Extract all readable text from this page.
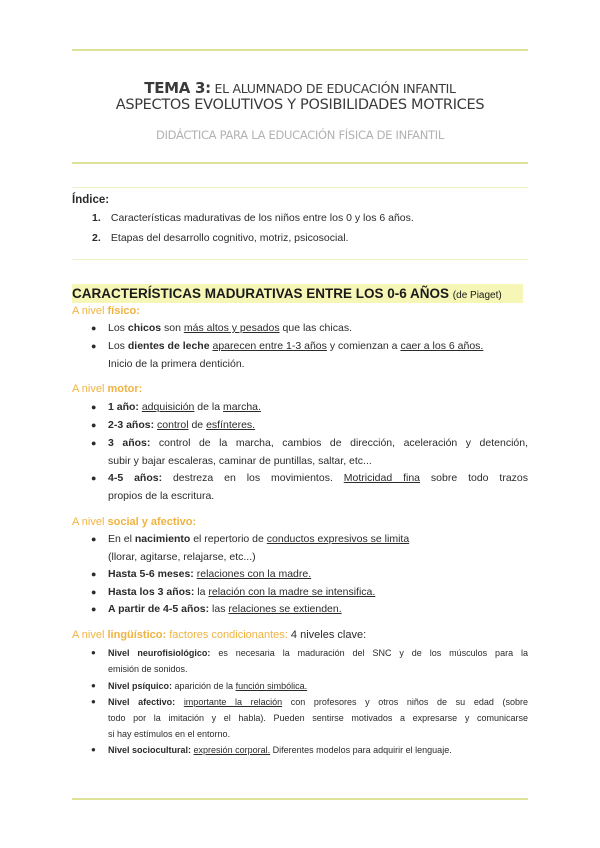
TEMA 3: EL ALUMNADO DE EDUCACIÓN INFANTIL
ASPECTOS EVOLUTIVOS Y POSIBILIDADES MOTRICES
DIDÁCTICA PARA LA EDUCACIÓN FÍSICA DE INFANTIL
Índice:
1. Características madurativas de los niños entre los 0 y los 6 años.
2. Etapas del desarrollo cognitivo, motriz, psicosocial.
CARACTERÍSTICAS MADURATIVAS ENTRE LOS 0-6 AÑOS (de Piaget)
A nivel físico:
● Los chicos son más altos y pesados que las chicas.
● Los dientes de leche aparecen entre 1-3 años y comienzan a caer a los 6 años.
Inicio de la primera dentición.
A nivel motor:
● 1 año: adquisición de la marcha.
● 2-3 años: control de esfínteres.
● 3 años: control de la marcha, cambios de dirección, aceleración y detención,
subir y bajar escaleras, caminar de puntillas, saltar, etc...
● 4-5 años: destreza en los movimientos. Motricidad fina sobre todo trazos
propios de la escritura.
A nivel social y afectivo:
● En el nacimiento el repertorio de conductos expresivos se limita
(llorar, agitarse, relajarse, etc...)
● Hasta 5-6 meses: relaciones con la madre.
● Hasta los 3 años: la relación con la madre se intensifica.
● A partir de 4-5 años: las relaciones se extienden.
A nivel lingüístico: factores condicionantes: 4 niveles clave:
● Nivel neurofisiológico: es necesaria la maduración del SNC y de los músculos para la
emisión de sonidos.
● Nivel psíquico: aparición de la función simbólica.
● Nivel afectivo: importante la relación con profesores y otros niños de su edad (sobre
todo por la imitación y el habla). Pueden sentirse motivados a expresarse y comunicarse
si hay estímulos en el entorno.
● Nivel sociocultural: expresión corporal. Diferentes modelos para adquirir el lenguaje.
